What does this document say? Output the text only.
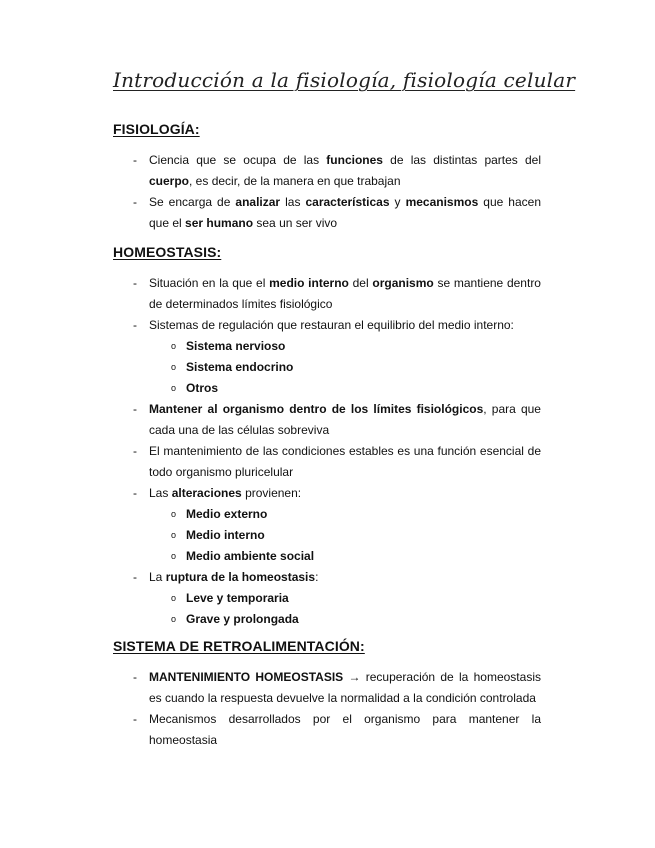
Introducción a la fisiología, fisiología celular
FISIOLOGÍA:
-	Ciencia que se ocupa de las funciones de las distintas partes del cuerpo, es decir, de la manera en que trabajan
-	Se encarga de analizar las características y mecanismos que hacen que el ser humano sea un ser vivo
HOMEOSTASIS:
-	Situación en la que el medio interno del organismo se mantiene dentro de determinados límites fisiológico
-	Sistemas de regulación que restauran el equilibrio del medio interno:
o Sistema nervioso
o Sistema endocrino
o Otros
-	Mantener al organismo dentro de los límites fisiológicos, para que cada una de las células sobreviva
-	El mantenimiento de las condiciones estables es una función esencial de todo organismo pluricelular
-	Las alteraciones provienen:
o Medio externo
o Medio interno
o Medio ambiente social
-	La ruptura de la homeostasis:
o Leve y temporaria
o Grave y prolongada
SISTEMA DE RETROALIMENTACIÓN:
-	MANTENIMIENTO HOMEOSTASIS → recuperación de la homeostasis es cuando la respuesta devuelve la normalidad a la condición controlada
-	Mecanismos desarrollados por el organismo para mantener la homeostasia
